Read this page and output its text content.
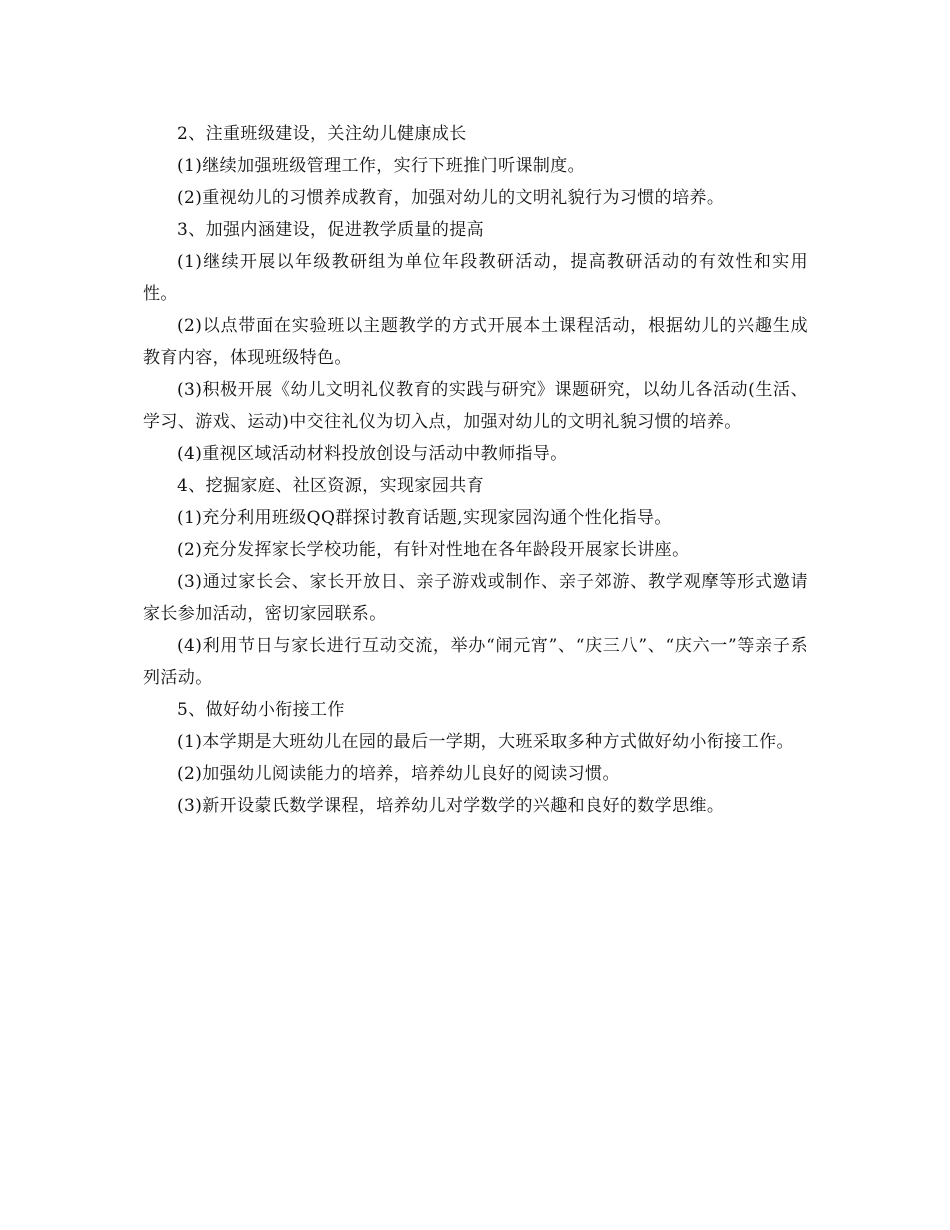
2、注重班级建设，关注幼儿健康成长

(1)继续加强班级管理工作，实行下班推门听课制度。

(2)重视幼儿的习惯养成教育，加强对幼儿的文明礼貌行为习惯的培养。

3、加强内涵建设，促进教学质量的提高

(1)继续开展以年级教研组为单位年段教研活动，提高教研活动的有效性和实用性。

(2)以点带面在实验班以主题教学的方式开展本土课程活动，根据幼儿的兴趣生成教育内容，体现班级特色。

(3)积极开展《幼儿文明礼仪教育的实践与研究》课题研究，以幼儿各活动(生活、学习、游戏、运动)中交往礼仪为切入点，加强对幼儿的文明礼貌习惯的培养。

(4)重视区域活动材料投放创设与活动中教师指导。

4、挖掘家庭、社区资源，实现家园共育

(1)充分利用班级QQ群探讨教育话题,实现家园沟通个性化指导。

(2)充分发挥家长学校功能，有针对性地在各年龄段开展家长讲座。

(3)通过家长会、家长开放日、亲子游戏或制作、亲子郊游、教学观摩等形式邀请家长参加活动，密切家园联系。

(4)利用节日与家长进行互动交流，举办“闹元宵”、“庆三八”、“庆六一”等亲子系列活动。

5、做好幼小衔接工作

(1)本学期是大班幼儿在园的最后一学期，大班采取多种方式做好幼小衔接工作。

(2)加强幼儿阅读能力的培养，培养幼儿良好的阅读习惯。

(3)新开设蒙氏数学课程，培养幼儿对学数学的兴趣和良好的数学思维。
